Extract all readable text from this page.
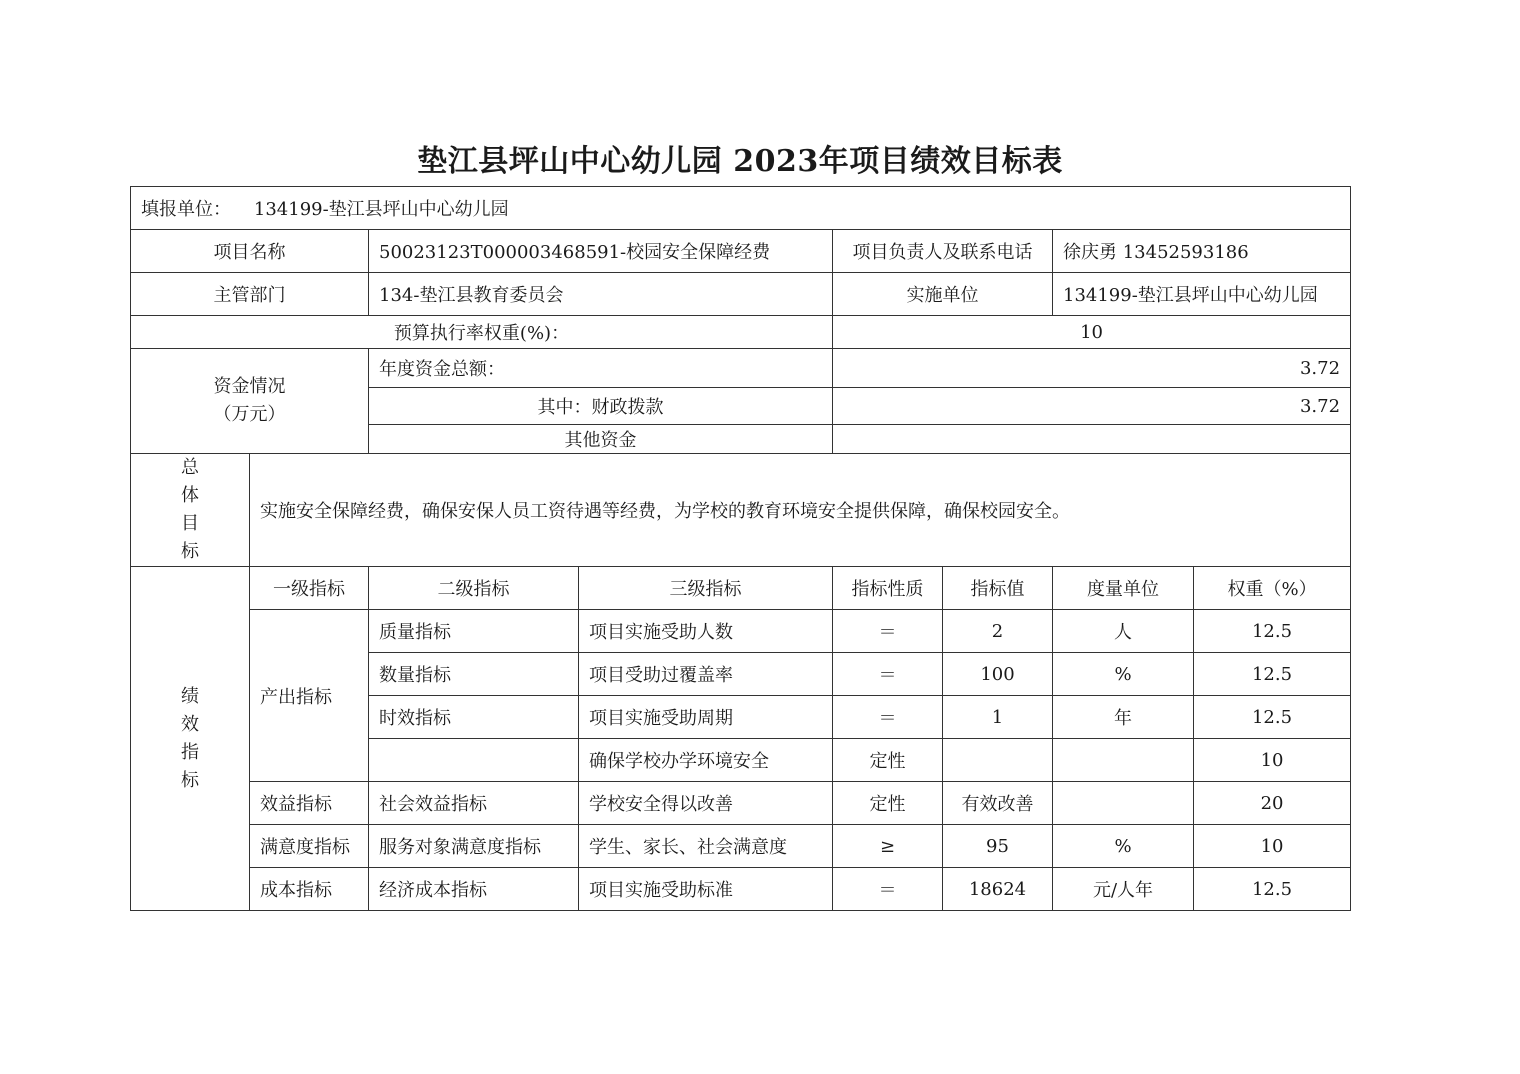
垫江县坪山中心幼儿园 2023年项目绩效目标表
填报单位： 134199-垫江县坪山中心幼儿园							
项目名称		50023123T000003468591-校园安全保障经费		项目负责人及联系电话		徐庆勇 13452593186	
主管部门		134-垫江县教育委员会		实施单位		134199-垫江县坪山中心幼儿园	
预算执行率权重(%)：				10			

资金情况
（万元）		年度资金总额：		3.72			
		其中：财政拨款		3.72			
		其他资金					

总
体
目
标	实施安全保障经费，确保安保人员工资待遇等经费，为学校的教育环境安全提供保障，确保校园安全。						

绩
效
指
标	一级指标	二级指标	三级指标	指标性质	指标值	度量单位	权重（%）
	产出指标	质量指标	项目实施受助人数	＝	2	人	12.5
		数量指标	项目受助过覆盖率	＝	100	%	12.5
		时效指标	项目实施受助周期	＝	1	年	12.5
			确保学校办学环境安全	定性			10
	效益指标	社会效益指标	学校安全得以改善	定性	有效改善		20
	满意度指标	服务对象满意度指标	学生、家长、社会满意度	≥	95	%	10
	成本指标	经济成本指标	项目实施受助标准	＝	18624	元/人年	12.5
